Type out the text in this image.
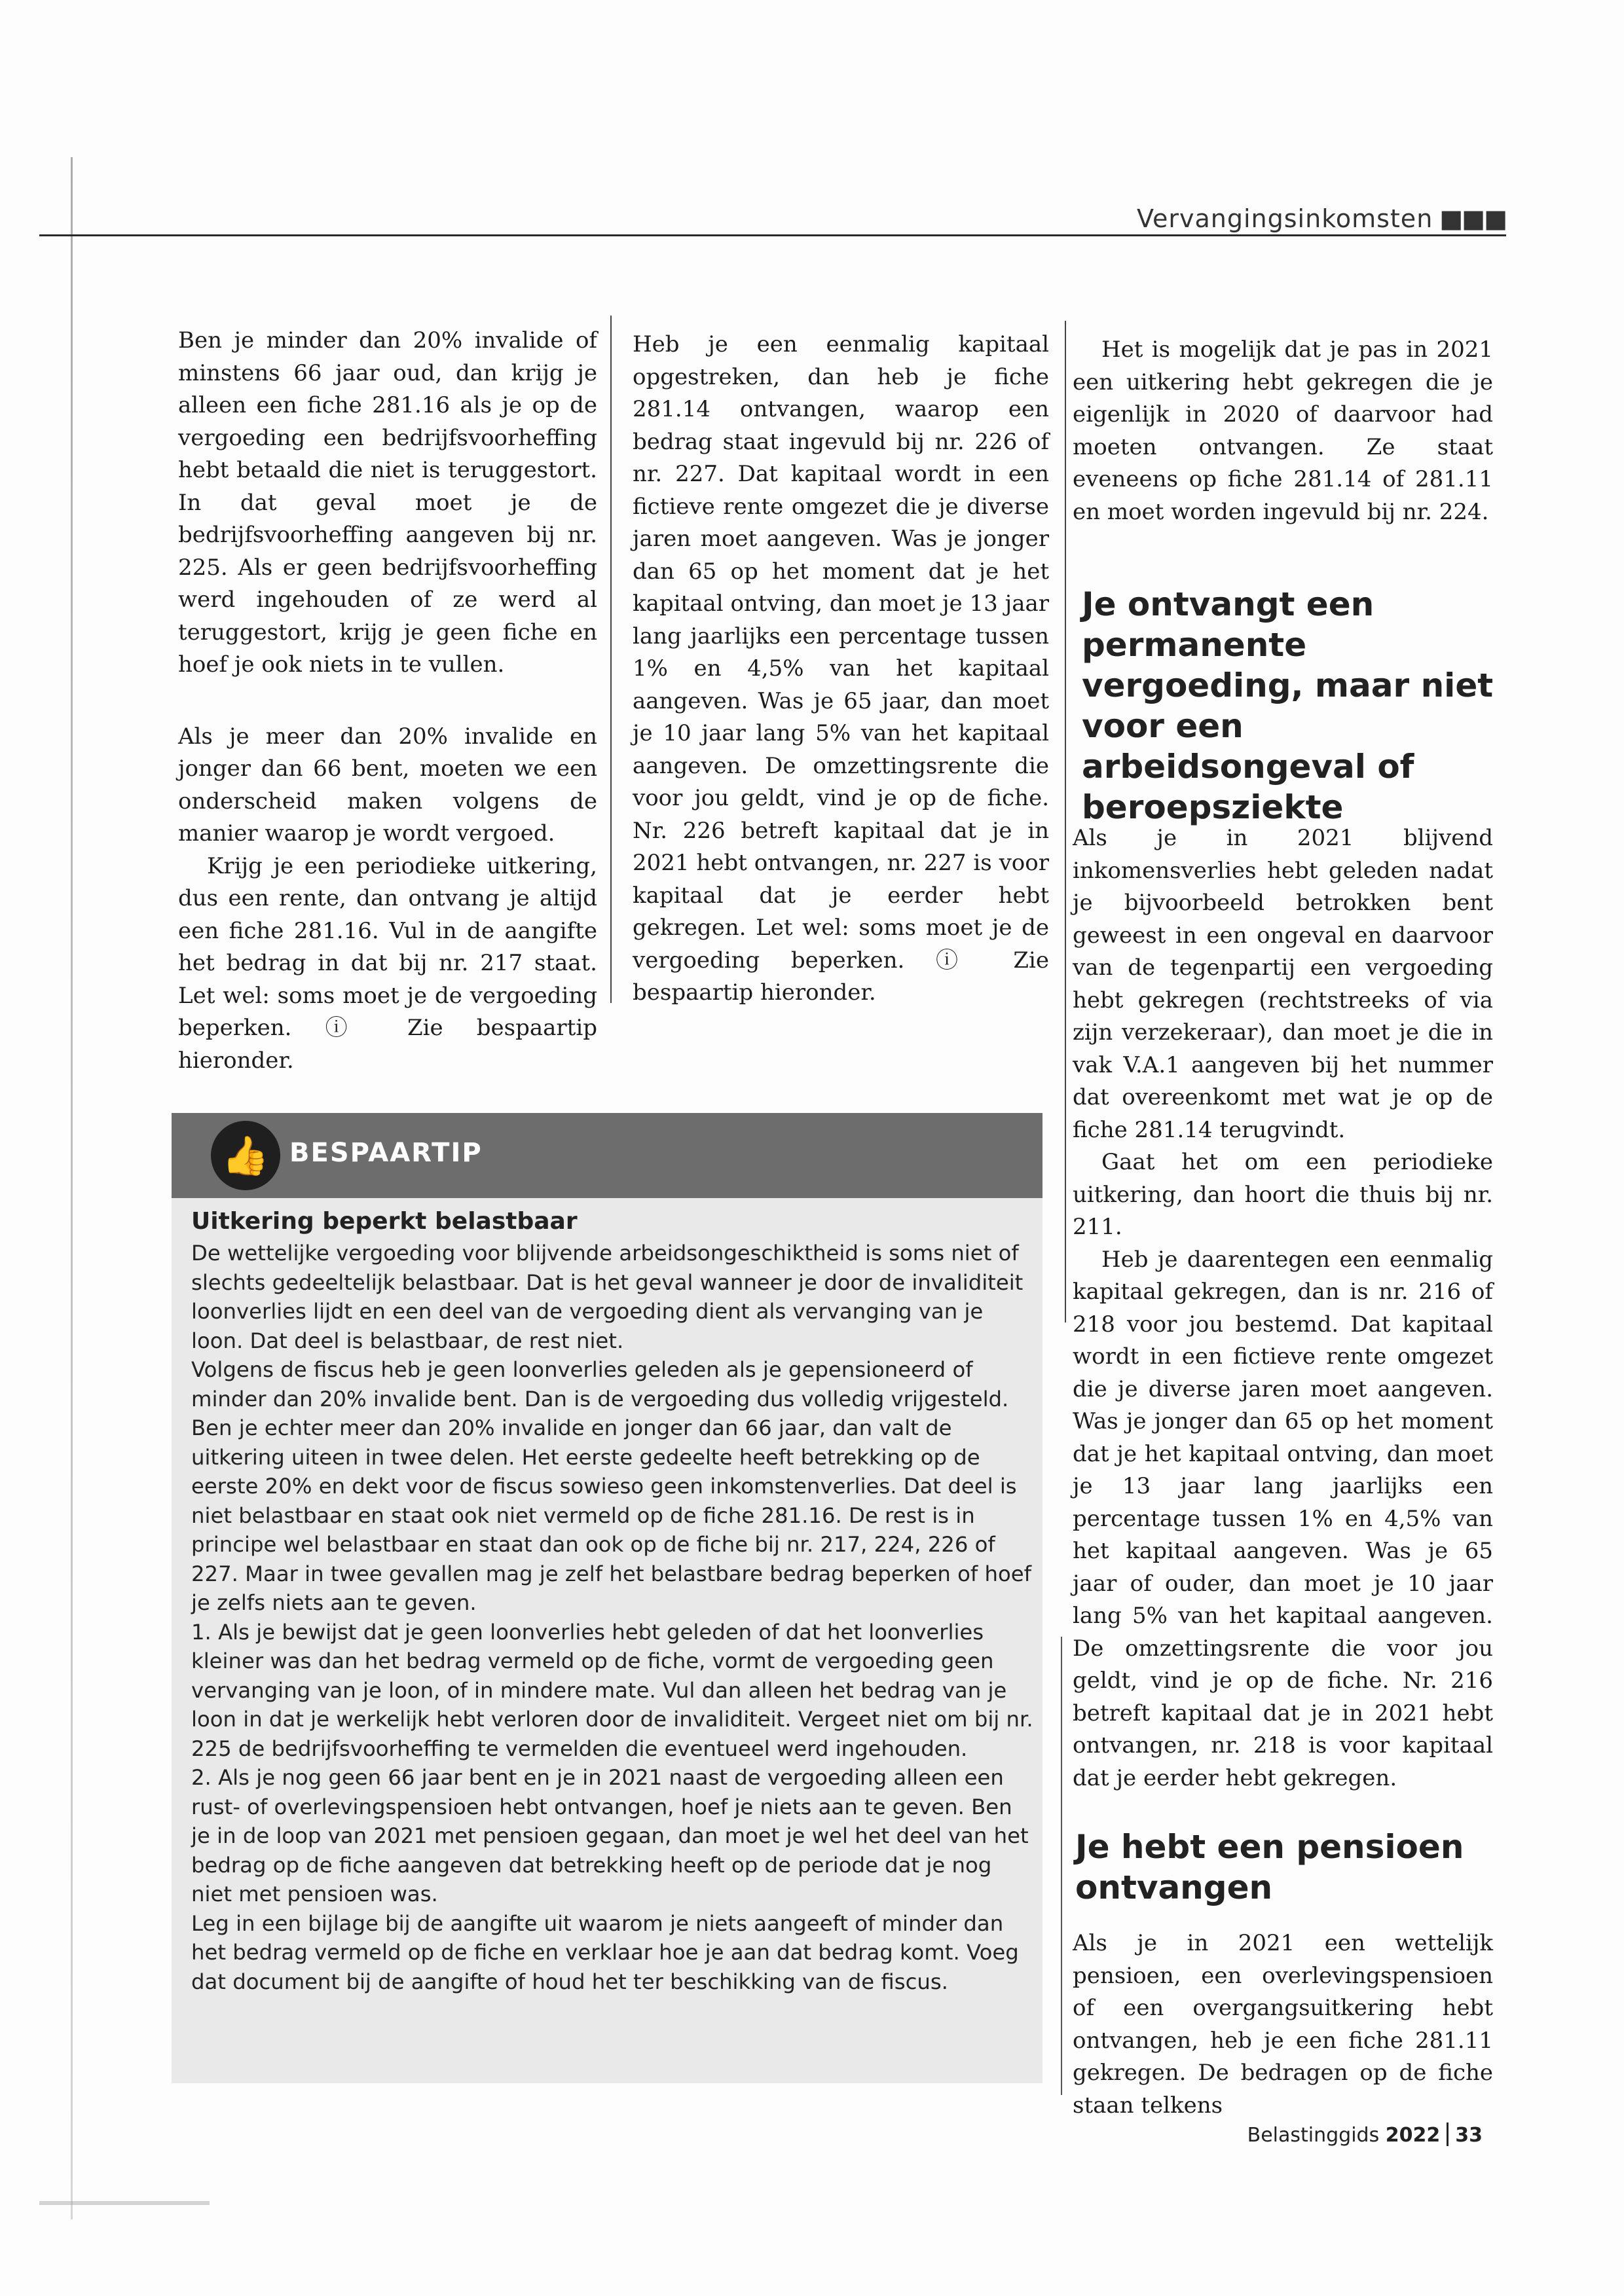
Vervangingsinkomsten ■■■

Ben je minder dan 20% invalide of minstens 66 jaar oud, dan krijg je alleen een fiche 281.16 als je op de vergoeding een bedrijfsvoorheffing hebt betaald die niet is teruggestort. In dat geval moet je de bedrijfsvoorheffing aangeven bij nr. 225. Als er geen bedrijfsvoorheffing werd ingehouden of ze werd al teruggestort, krijg je geen fiche en hoef je ook niets in te vullen.

Als je meer dan 20% invalide en jonger dan 66 bent, moeten we een onderscheid maken volgens de manier waarop je wordt vergoed.

Krijg je een periodieke uitkering, dus een rente, dan ontvang je altijd een fiche 281.16. Vul in de aangifte het bedrag in dat bij nr. 217 staat. Let wel: soms moet je de vergoeding beperken. ⓘ Zie bespaartip hieronder.

Heb je een eenmalig kapitaal opgestreken, dan heb je fiche 281.14 ontvangen, waarop een bedrag staat ingevuld bij nr. 226 of nr. 227. Dat kapitaal wordt in een fictieve rente omgezet die je diverse jaren moet aangeven. Was je jonger dan 65 op het moment dat je het kapitaal ontving, dan moet je 13 jaar lang jaarlijks een percentage tussen 1% en 4,5% van het kapitaal aangeven. Was je 65 jaar, dan moet je 10 jaar lang 5% van het kapitaal aangeven. De omzettingsrente die voor jou geldt, vind je op de fiche. Nr. 226 betreft kapitaal dat je in 2021 hebt ontvangen, nr. 227 is voor kapitaal dat je eerder hebt gekregen. Let wel: soms moet je de vergoeding beperken. ⓘ Zie bespaartip hieronder.

Het is mogelijk dat je pas in 2021 een uitkering hebt gekregen die je eigenlijk in 2020 of daarvoor had moeten ontvangen. Ze staat eveneens op fiche 281.14 of 281.11 en moet worden ingevuld bij nr. 224.

Je ontvangt een permanente vergoeding, maar niet voor een arbeidsongeval of beroepsziekte

Als je in 2021 blijvend inkomensverlies hebt geleden nadat je bijvoorbeeld betrokken bent geweest in een ongeval en daarvoor van de tegenpartij een vergoeding hebt gekregen (rechtstreeks of via zijn verzekeraar), dan moet je die in vak V.A.1 aangeven bij het nummer dat overeenkomt met wat je op de fiche 281.14 terugvindt.

Gaat het om een periodieke uitkering, dan hoort die thuis bij nr. 211.

Heb je daarentegen een eenmalig kapitaal gekregen, dan is nr. 216 of 218 voor jou bestemd. Dat kapitaal wordt in een fictieve rente omgezet die je diverse jaren moet aangeven. Was je jonger dan 65 op het moment dat je het kapitaal ontving, dan moet je 13 jaar lang jaarlijks een percentage tussen 1% en 4,5% van het kapitaal aangeven. Was je 65 jaar of ouder, dan moet je 10 jaar lang 5% van het kapitaal aangeven. De omzettingsrente die voor jou geldt, vind je op de fiche. Nr. 216 betreft kapitaal dat je in 2021 hebt ontvangen, nr. 218 is voor kapitaal dat je eerder hebt gekregen.

Je hebt een pensioen ontvangen

Als je in 2021 een wettelijk pensioen, een overlevingspensioen of een overgangsuitkering hebt ontvangen, heb je een fiche 281.11 gekregen. De bedragen op de fiche staan telkens

👍 BESPAARTIP
Uitkering beperkt belastbaar

De wettelijke vergoeding voor blijvende arbeidsongeschiktheid is soms niet of slechts gedeeltelijk belastbaar. Dat is het geval wanneer je door de invaliditeit loonverlies lijdt en een deel van de vergoeding dient als vervanging van je loon. Dat deel is belastbaar, de rest niet.

Volgens de fiscus heb je geen loonverlies geleden als je gepensioneerd of minder dan 20% invalide bent. Dan is de vergoeding dus volledig vrijgesteld. Ben je echter meer dan 20% invalide en jonger dan 66 jaar, dan valt de uitkering uiteen in twee delen. Het eerste gedeelte heeft betrekking op de eerste 20% en dekt voor de fiscus sowieso geen inkomstenverlies. Dat deel is niet belastbaar en staat ook niet vermeld op de fiche 281.16. De rest is in principe wel belastbaar en staat dan ook op de fiche bij nr. 217, 224, 226 of 227. Maar in twee gevallen mag je zelf het belastbare bedrag beperken of hoef je zelfs niets aan te geven.

1. Als je bewijst dat je geen loonverlies hebt geleden of dat het loonverlies kleiner was dan het bedrag vermeld op de fiche, vormt de vergoeding geen vervanging van je loon, of in mindere mate. Vul dan alleen het bedrag van je loon in dat je werkelijk hebt verloren door de invaliditeit. Vergeet niet om bij nr. 225 de bedrijfsvoorheffing te vermelden die eventueel werd ingehouden.

2. Als je nog geen 66 jaar bent en je in 2021 naast de vergoeding alleen een rust- of overlevingspensioen hebt ontvangen, hoef je niets aan te geven. Ben je in de loop van 2021 met pensioen gegaan, dan moet je wel het deel van het bedrag op de fiche aangeven dat betrekking heeft op de periode dat je nog niet met pensioen was.

Leg in een bijlage bij de aangifte uit waarom je niets aangeeft of minder dan het bedrag vermeld op de fiche en verklaar hoe je aan dat bedrag komt. Voeg dat document bij de aangifte of houd het ter beschikking van de fiscus.

Belastinggids 2022 33
